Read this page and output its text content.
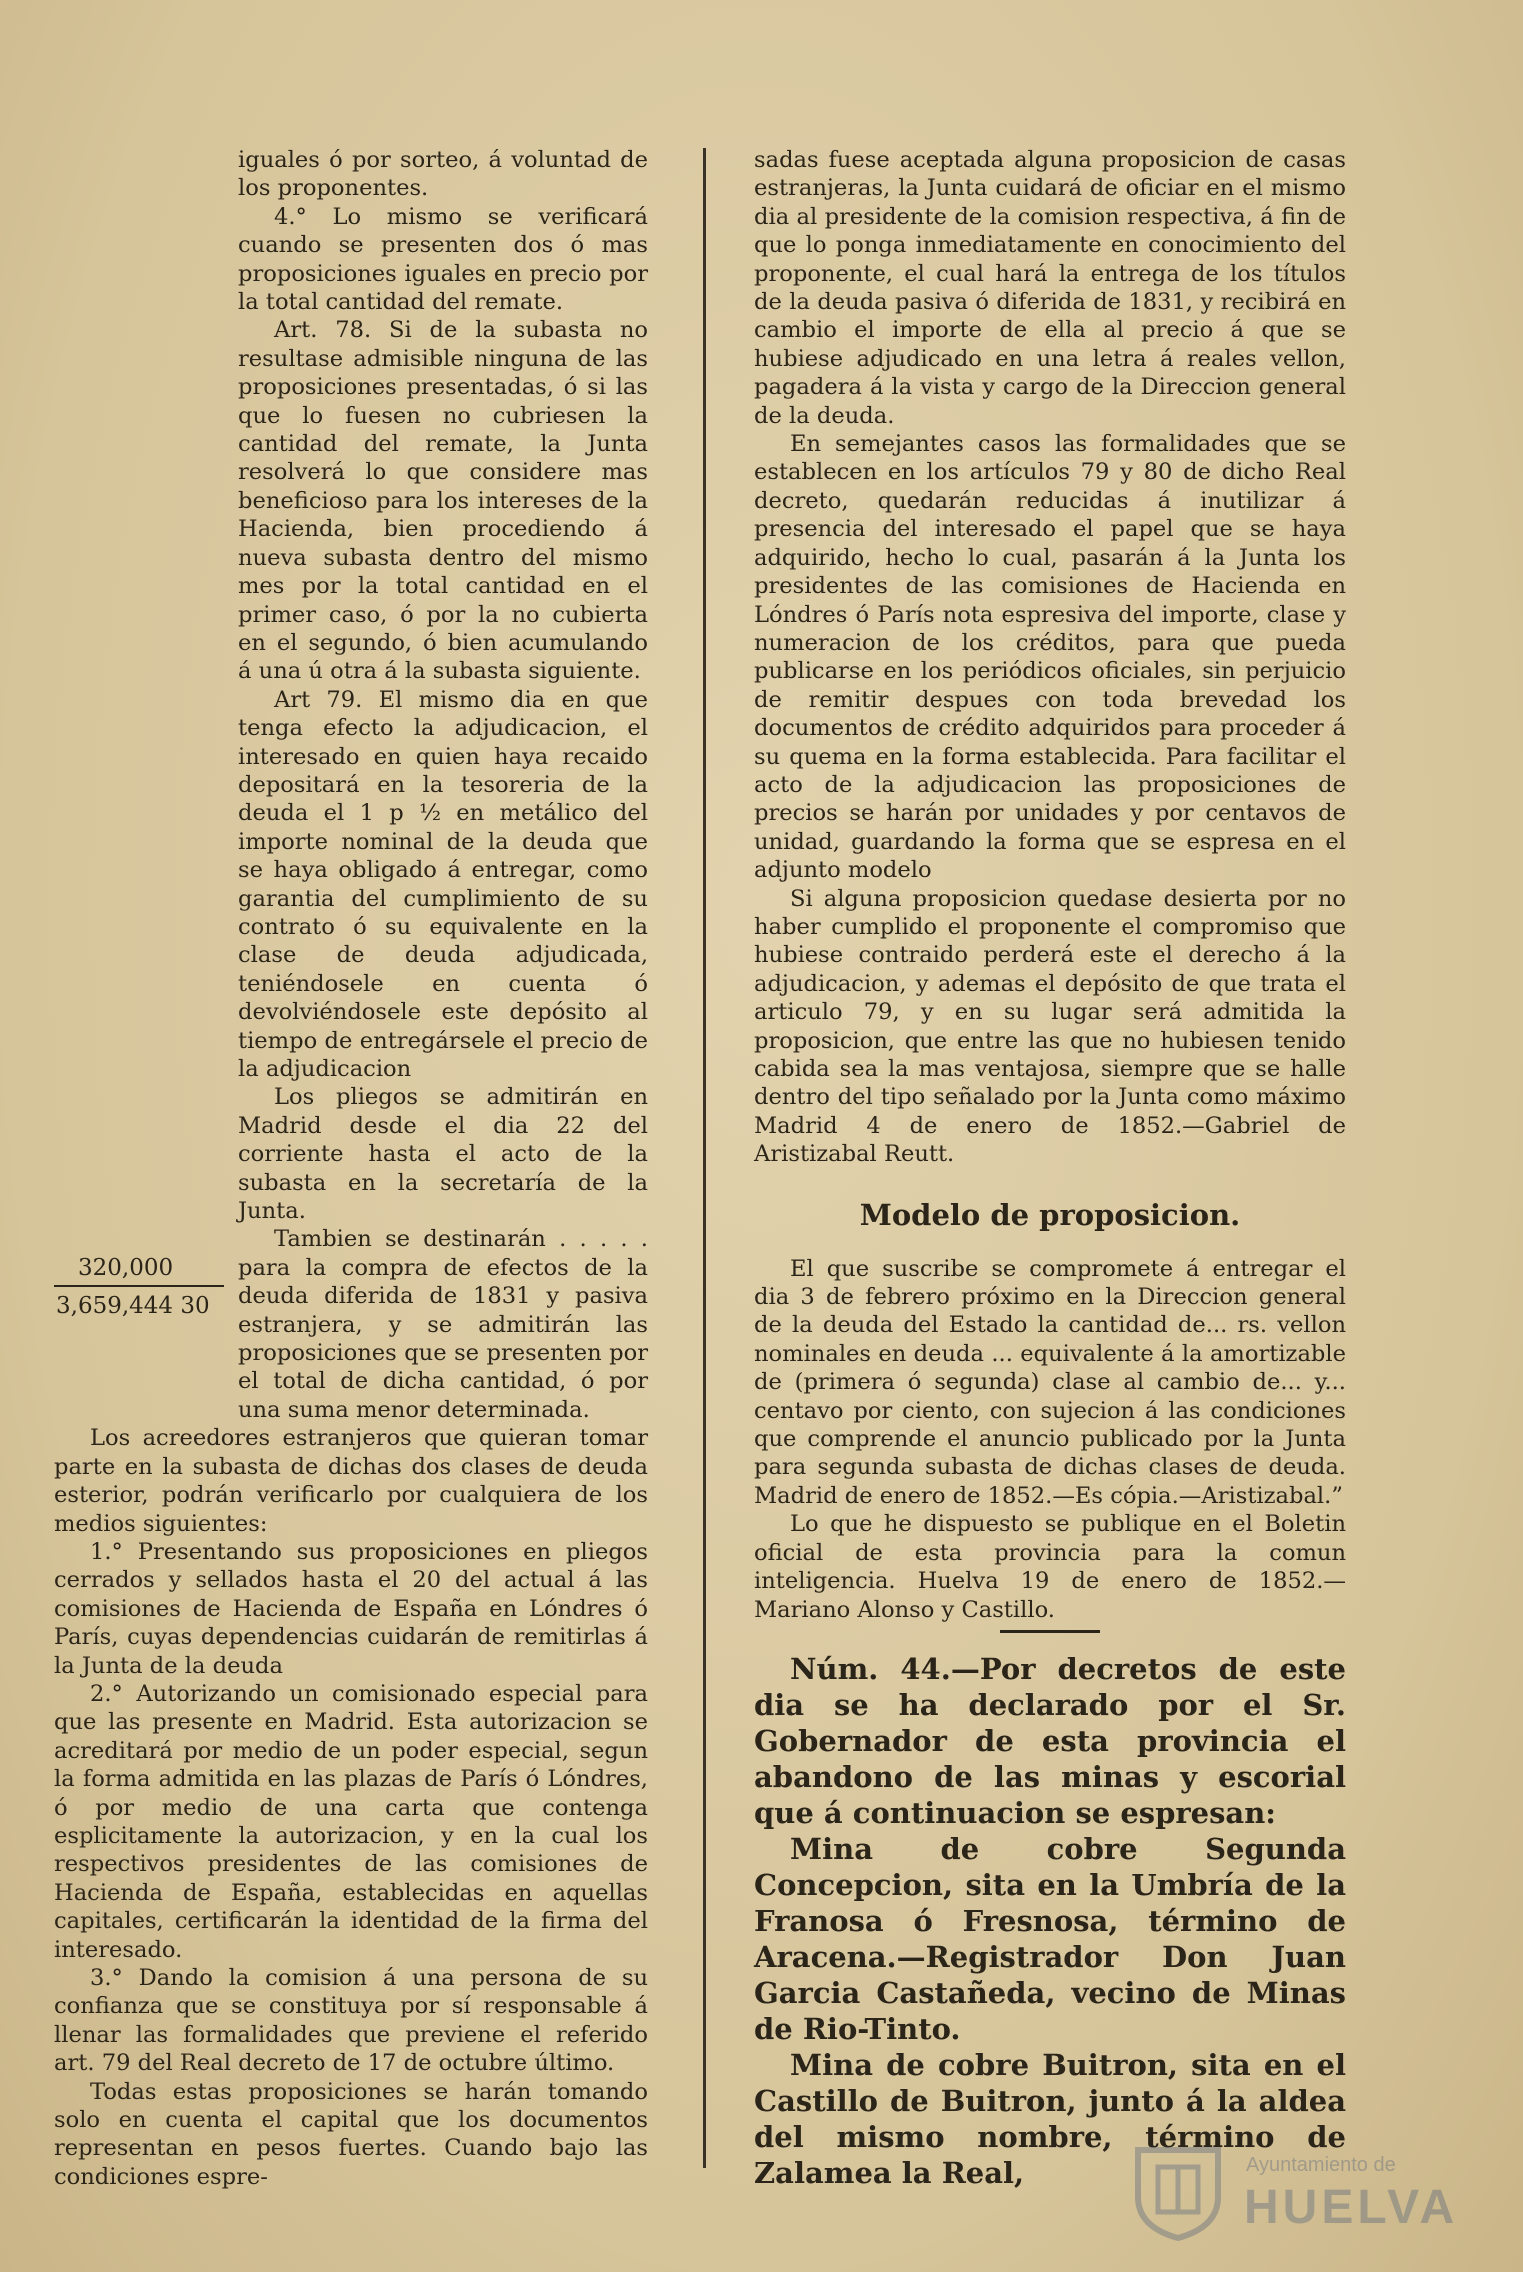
iguales ó por sorteo, á voluntad de los proponentes.

4.° Lo mismo se verificará cuando se presenten dos ó mas proposiciones iguales en precio por la total cantidad del remate.

Art. 78. Si de la subasta no resultase admisible ninguna de las proposiciones presentadas, ó si las que lo fuesen no cubriesen la cantidad del remate, la Junta resolverá lo que considere mas beneficioso para los intereses de la Hacienda, bien procediendo á nueva subasta dentro del mismo mes por la total cantidad en el primer caso, ó por la no cubierta en el segundo, ó bien acumulando á una ú otra á la subasta siguiente.

Art 79. El mismo dia en que tenga efecto la adjudicacion, el interesado en quien haya recaido depositará en la tesoreria de la deuda el 1 p ½ en metálico del importe nominal de la deuda que se haya obligado á entregar, como garantia del cumplimiento de su contrato ó su equivalente en la clase de deuda adjudicada, teniéndosele en cuenta ó devolviéndosele este depósito al tiempo de entregársele el precio de la adjudicacion

Los pliegos se admitirán en Madrid desde el dia 22 del corriente hasta el acto de la subasta en la secretaría de la Junta.

320,000
3,659,444 30

Tambien se destinarán . . . . . para la compra de efectos de la deuda diferida de 1831 y pasiva estranjera, y se admitirán las proposiciones que se presenten por el total de dicha cantidad, ó por una suma menor determinada.

Los acreedores estranjeros que quieran tomar parte en la subasta de dichas dos clases de deuda esterior, podrán verificarlo por cualquiera de los medios siguientes:

1.° Presentando sus proposiciones en pliegos cerrados y sellados hasta el 20 del actual á las comisiones de Hacienda de España en Lóndres ó París, cuyas dependencias cuidarán de remitirlas á la Junta de la deuda

2.° Autorizando un comisionado especial para que las presente en Madrid. Esta autorizacion se acreditará por medio de un poder especial, segun la forma admitida en las plazas de París ó Lóndres, ó por medio de una carta que contenga esplicitamente la autorizacion, y en la cual los respectivos presidentes de las comisiones de Hacienda de España, establecidas en aquellas capitales, certificarán la identidad de la firma del interesado.

3.° Dando la comision á una persona de su confianza que se constituya por sí responsable á llenar las formalidades que previene el referido art. 79 del Real decreto de 17 de octubre último.

Todas estas proposiciones se harán tomando solo en cuenta el capital que los documentos representan en pesos fuertes. Cuando bajo las condiciones espre-

sadas fuese aceptada alguna proposicion de casas estranjeras, la Junta cuidará de oficiar en el mismo dia al presidente de la comision respectiva, á fin de que lo ponga inmediatamente en conocimiento del proponente, el cual hará la entrega de los títulos de la deuda pasiva ó diferida de 1831, y recibirá en cambio el importe de ella al precio á que se hubiese adjudicado en una letra á reales vellon, pagadera á la vista y cargo de la Direccion general de la deuda.

En semejantes casos las formalidades que se establecen en los artículos 79 y 80 de dicho Real decreto, quedarán reducidas á inutilizar á presencia del interesado el papel que se haya adquirido, hecho lo cual, pasarán á la Junta los presidentes de las comisiones de Hacienda en Lóndres ó París nota espresiva del importe, clase y numeracion de los créditos, para que pueda publicarse en los periódicos oficiales, sin perjuicio de remitir despues con toda brevedad los documentos de crédito adquiridos para proceder á su quema en la forma establecida. Para facilitar el acto de la adjudicacion las proposiciones de precios se harán por unidades y por centavos de unidad, guardando la forma que se espresa en el adjunto modelo

Si alguna proposicion quedase desierta por no haber cumplido el proponente el compromiso que hubiese contraido perderá este el derecho á la adjudicacion, y ademas el depósito de que trata el articulo 79, y en su lugar será admitida la proposicion, que entre las que no hubiesen tenido cabida sea la mas ventajosa, siempre que se halle dentro del tipo señalado por la Junta como máximo Madrid 4 de enero de 1852.—Gabriel de Aristizabal Reutt.

Modelo de proposicion.

El que suscribe se compromete á entregar el dia 3 de febrero próximo en la Direccion general de la deuda del Estado la cantidad de... rs. vellon nominales en deuda ... equivalente á la amortizable de (primera ó segunda) clase al cambio de... y... centavo por ciento, con sujecion á las condiciones que comprende el anuncio publicado por la Junta para segunda subasta de dichas clases de deuda. Madrid de enero de 1852.—Es cópia.—Aristizabal.”

Lo que he dispuesto se publique en el Boletin oficial de esta provincia para la comun inteligencia. Huelva 19 de enero de 1852.—Mariano Alonso y Castillo.

Núm. 44.—Por decretos de este dia se ha declarado por el Sr. Gobernador de esta provincia el abandono de las minas y escorial que á continuacion se espresan:

Mina de cobre Segunda Concepcion, sita en la Umbría de la Franosa ó Fresnosa, término de Aracena.—Registrador Don Juan Garcia Castañeda, vecino de Minas de Rio-Tinto.

Mina de cobre Buitron, sita en el Castillo de Buitron, junto á la aldea del mismo nombre, término de Zalamea la Real,	Ayuntamiento de
HUELVA
